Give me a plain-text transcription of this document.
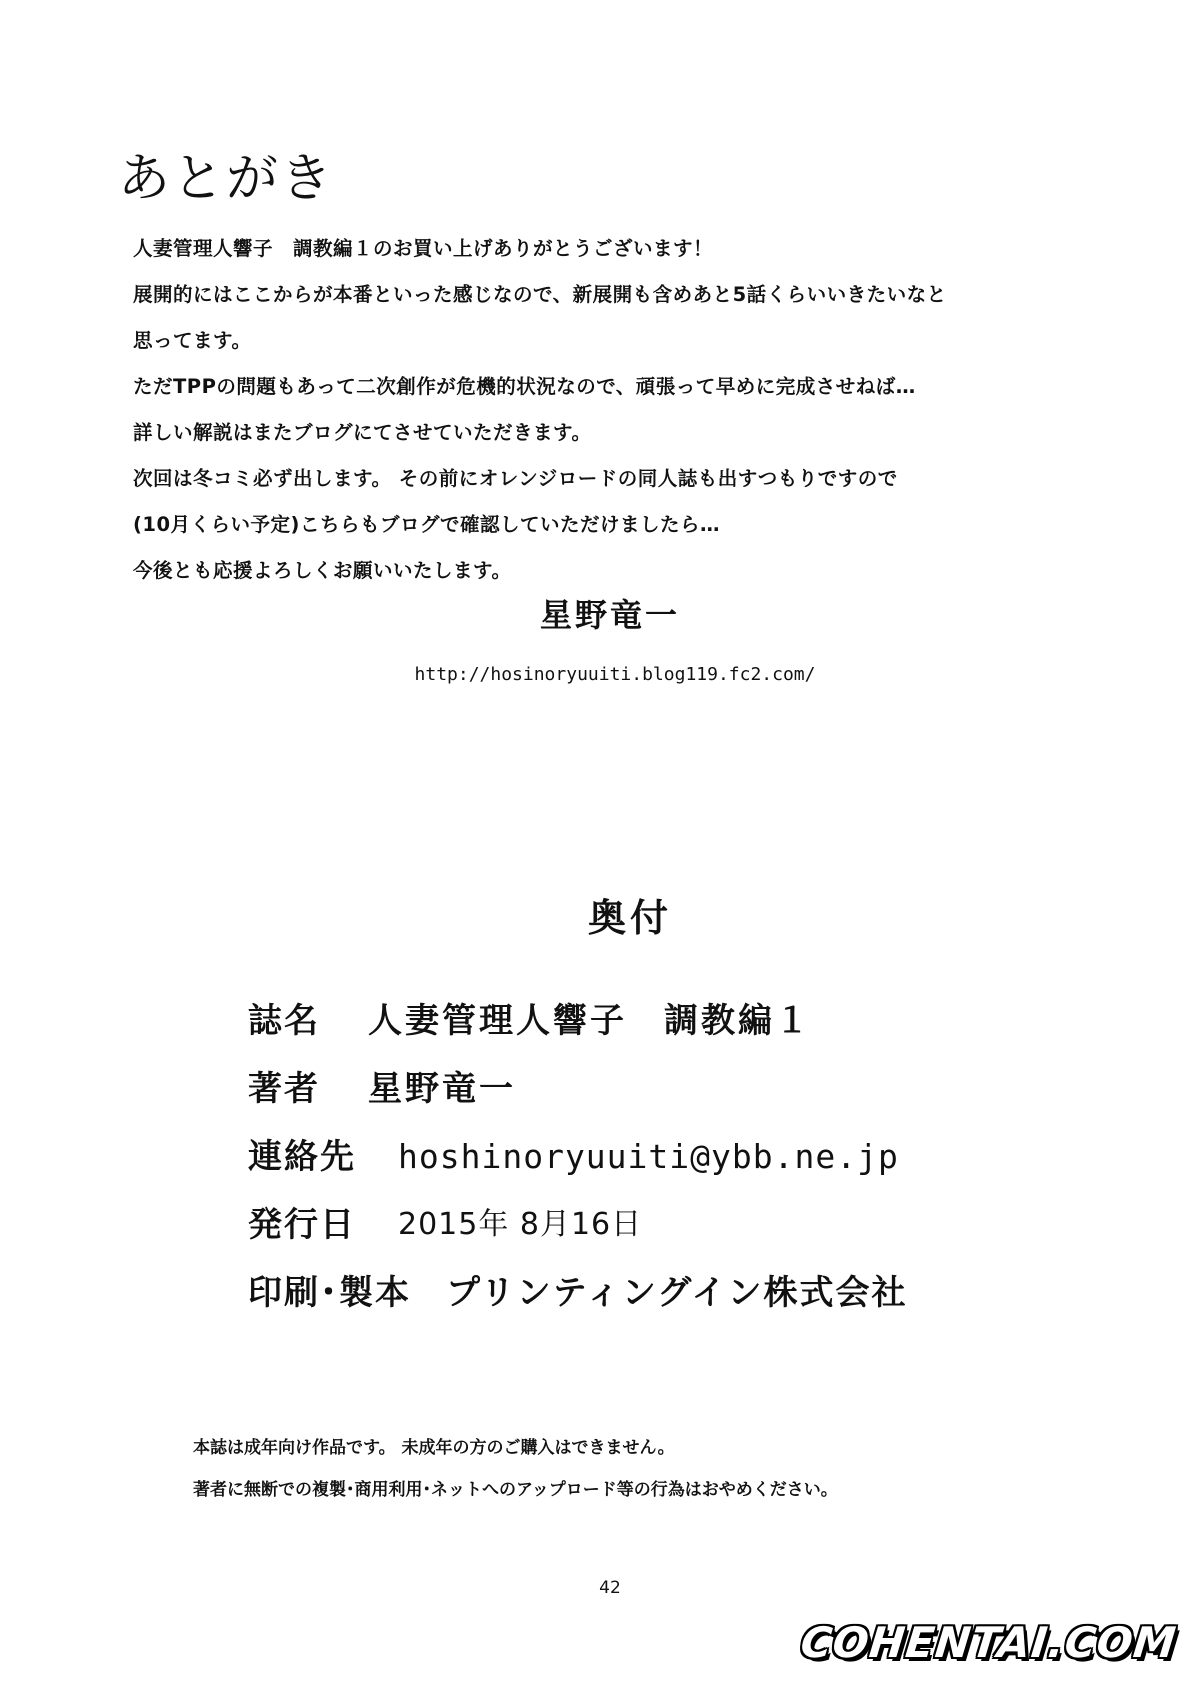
あとがき
人妻管理人響子　調教編１のお買い上げありがとうございます！
展開的にはここからが本番といった感じなので、新展開も含めあと5話くらいいきたいなと
思ってます。
ただTPPの問題もあって二次創作が危機的状況なので、頑張って早めに完成させねば…
詳しい解説はまたブログにてさせていただきます。
次回は冬コミ必ず出します。 その前にオレンジロードの同人誌も出すつもりですので
(10月くらい予定)こちらもブログで確認していただけましたら…
今後とも応援よろしくお願いいたします。
星野竜一
http://hosinoryuuiti.blog119.fc2.com/
奥付
誌名 人妻管理人響子　調教編１
著者 星野竜一
連絡先 hoshinoryuuiti@ybb.ne.jp
発行日 2015年 8月16日
印刷･製本 プリンティングイン株式会社
本誌は成年向け作品です。 未成年の方のご購入はできません。
著者に無断での複製･商用利用･ネットへのアップロード等の行為はおやめください。
42
COHENTAI.COM
